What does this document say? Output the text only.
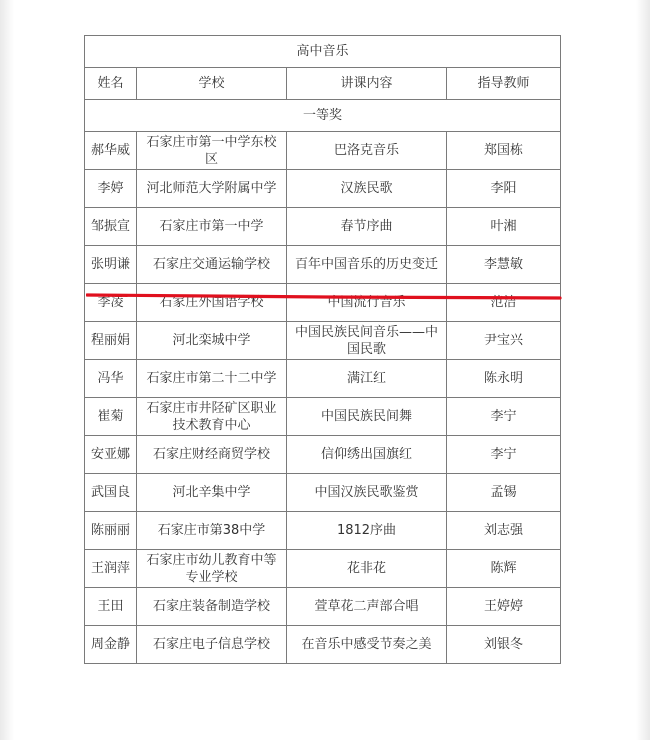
高中音乐			
姓名	学校	讲课内容	指导教师
一等奖			
郝华威	石家庄市第一中学东校区	巴洛克音乐	郑国栋
李婷	河北师范大学附属中学	汉族民歌	李阳
邹振宣	石家庄市第一中学	春节序曲	叶湘
张明谦	石家庄交通运输学校	百年中国音乐的历史变迁	李慧敏
李凌	石家庄外国语学校	中国流行音乐	范洁
程丽娟	河北栾城中学	中国民族民间音乐——中国民歌	尹宝兴
冯华	石家庄市第二十二中学	满江红	陈永明
崔菊	石家庄市井陉矿区职业技术教育中心	中国民族民间舞	李宁
安亚娜	石家庄财经商贸学校	信仰绣出国旗红	李宁
武国良	河北辛集中学	中国汉族民歌鉴赏	孟锡
陈丽丽	石家庄市第38中学	1812序曲	刘志强
王润萍	石家庄市幼儿教育中等专业学校	花非花	陈辉
王田	石家庄装备制造学校	萱草花二声部合唱	王婷婷
周金静	石家庄电子信息学校	在音乐中感受节奏之美	刘银冬
